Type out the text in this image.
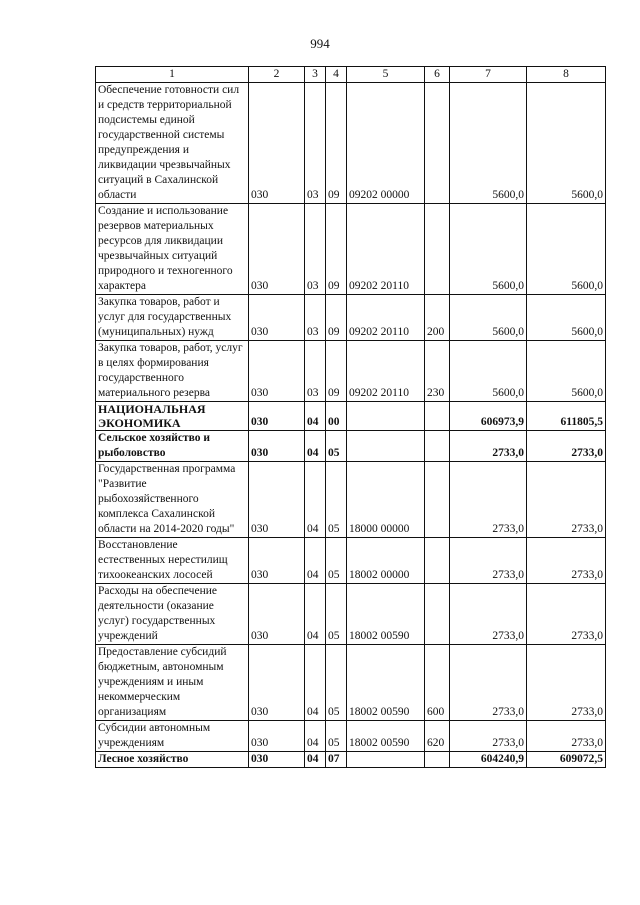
994
1	2	3	4	5	6	7	8
Обеспечение готовности сил и средств территориальной подсистемы единой государственной системы предупреждения и ликвидации чрезвычайных ситуаций в Сахалинской области	030	03	09	09202 00000		5600,0	5600,0
Создание и использование резервов материальных ресурсов для ликвидации чрезвычайных ситуаций природного и техногенного характера	030	03	09	09202 20110		5600,0	5600,0
Закупка товаров, работ и услуг для государственных (муниципальных) нужд	030	03	09	09202 20110	200	5600,0	5600,0
Закупка товаров, работ, услуг в целях формирования государственного материального резерва	030	03	09	09202 20110	230	5600,0	5600,0
НАЦИОНАЛЬНАЯ ЭКОНОМИКА	030	04	00			606973,9	611805,5
Сельское хозяйство и рыболовство	030	04	05			2733,0	2733,0
Государственная программа "Развитие рыбохозяйственного комплекса Сахалинской области на 2014-2020 годы"	030	04	05	18000 00000		2733,0	2733,0
Восстановление естественных нерестилищ тихоокеанских лососей	030	04	05	18002 00000		2733,0	2733,0
Расходы на обеспечение деятельности (оказание услуг) государственных учреждений	030	04	05	18002 00590		2733,0	2733,0
Предоставление субсидий бюджетным, автономным учреждениям и иным некоммерческим организациям	030	04	05	18002 00590	600	2733,0	2733,0
Субсидии автономным учреждениям	030	04	05	18002 00590	620	2733,0	2733,0
Лесное хозяйство	030	04	07			604240,9	609072,5
